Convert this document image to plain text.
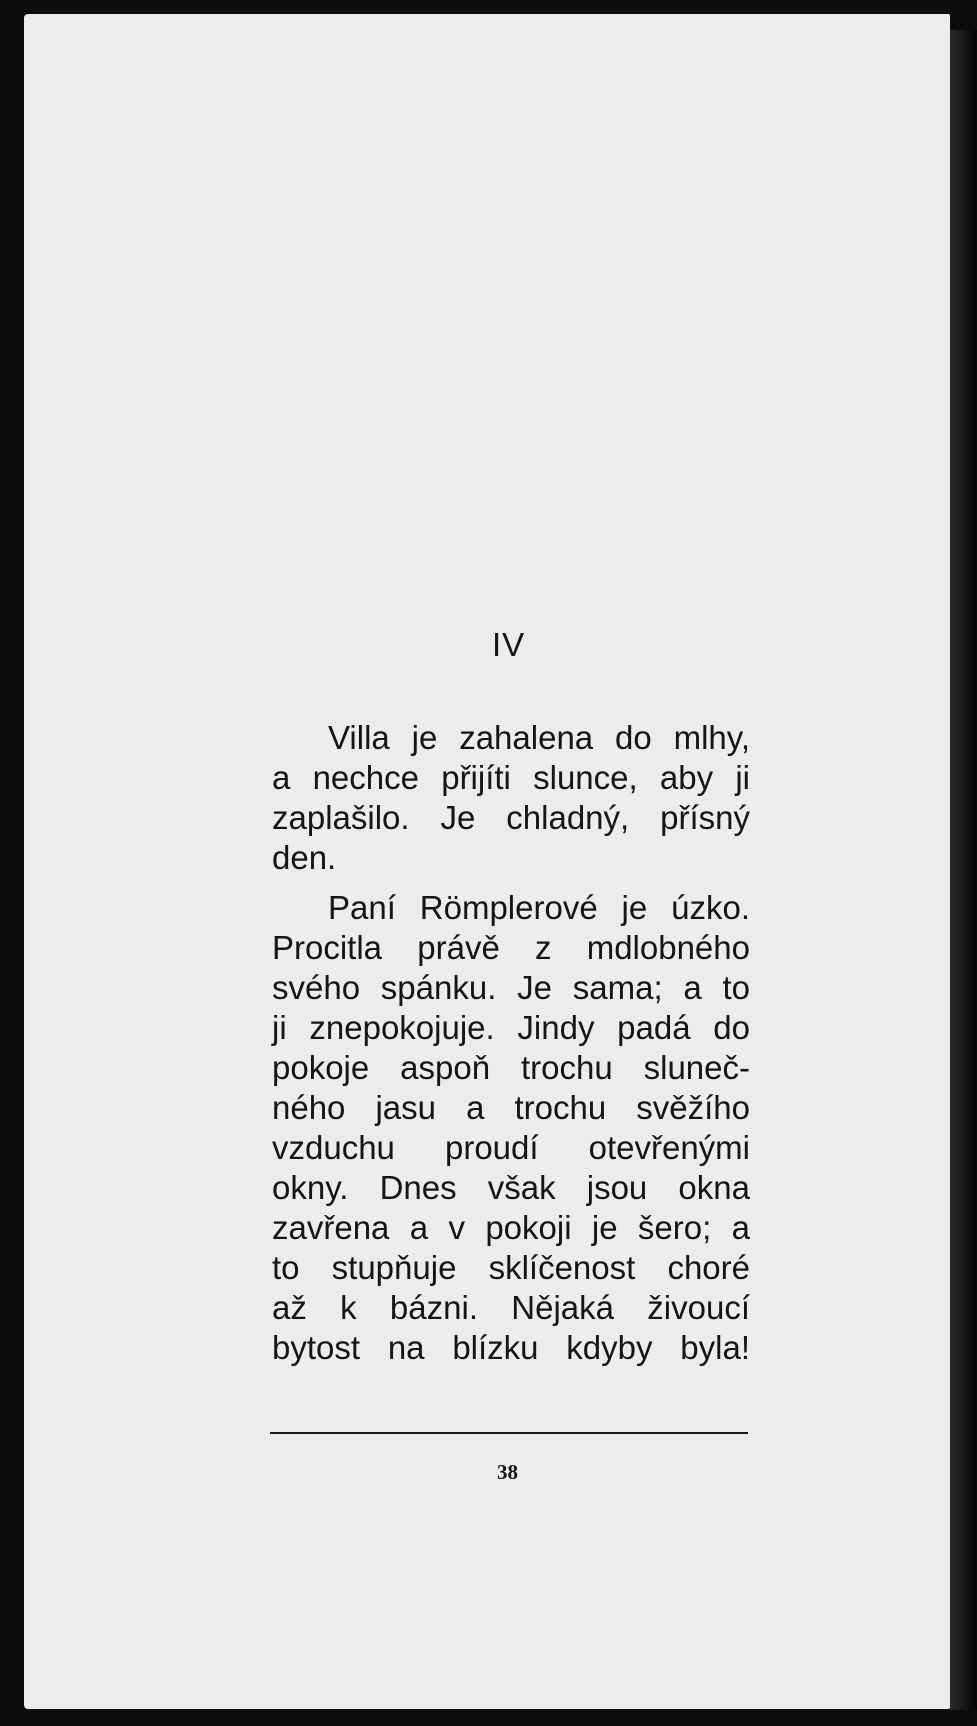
IV
Villa je zahalena do mlhy,
a nechce přijíti slunce, aby ji
zaplašilo. Je chladný, přísný
den.
Paní Römplerové je úzko.
Procitla právě z mdlobného
svého spánku. Je sama; a to
ji znepokojuje. Jindy padá do
pokoje aspoň trochu sluneč-
ného jasu a trochu svěžího
vzduchu proudí otevřenými
okny. Dnes však jsou okna
zavřena a v pokoji je šero; a
to stupňuje sklíčenost choré
až k bázni. Nějaká živoucí
bytost na blízku kdyby byla!
38
